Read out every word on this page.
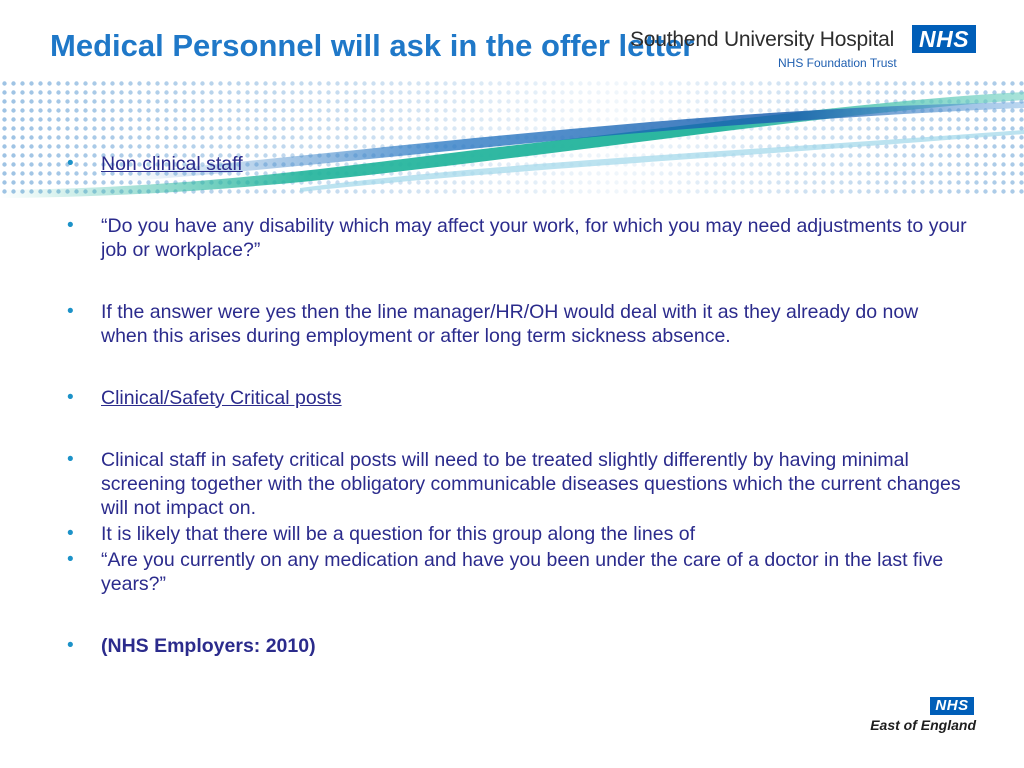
Medical Personnel will ask in the offer letter
Southend University Hospital
NHS Foundation Trust
NHS
• Non clinical staff
• “Do you have any disability which may affect your work, for which you may need adjustments to your job or workplace?”
• If the answer were yes then the line manager/HR/OH would deal with it as they already do now when this arises during employment or after long term sickness absence.
• Clinical/Safety Critical posts
• Clinical staff in safety critical posts will need to be treated slightly differently by having minimal screening together with the obligatory communicable diseases questions which the current changes will not impact on.
• It is likely that there will be a question for this group along the lines of
• “Are you currently on any medication and have you been under the care of a doctor in the last five years?”
• (NHS Employers: 2010)
NHS
East of England
